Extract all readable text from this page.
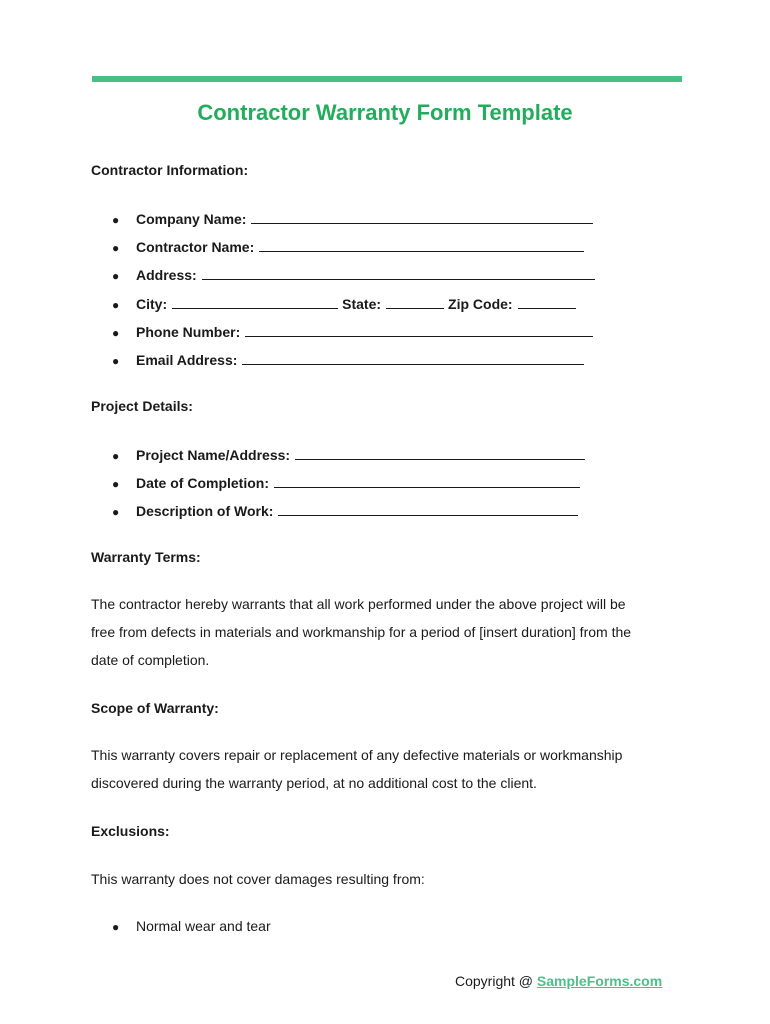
Contractor Warranty Form Template
Contractor Information:
●	Company Name:
●	Contractor Name:
●	Address:
●	City:	State:	Zip Code:
●	Phone Number:
●	Email Address:
Project Details:
●	Project Name/Address:
●	Date of Completion:
●	Description of Work:
Warranty Terms:
The contractor hereby warrants that all work performed under the above project will be
free from defects in materials and workmanship for a period of [insert duration] from the
date of completion.
Scope of Warranty:
This warranty covers repair or replacement of any defective materials or workmanship
discovered during the warranty period, at no additional cost to the client.
Exclusions:
This warranty does not cover damages resulting from:
●	Normal wear and tear
Copyright @ SampleForms.com
